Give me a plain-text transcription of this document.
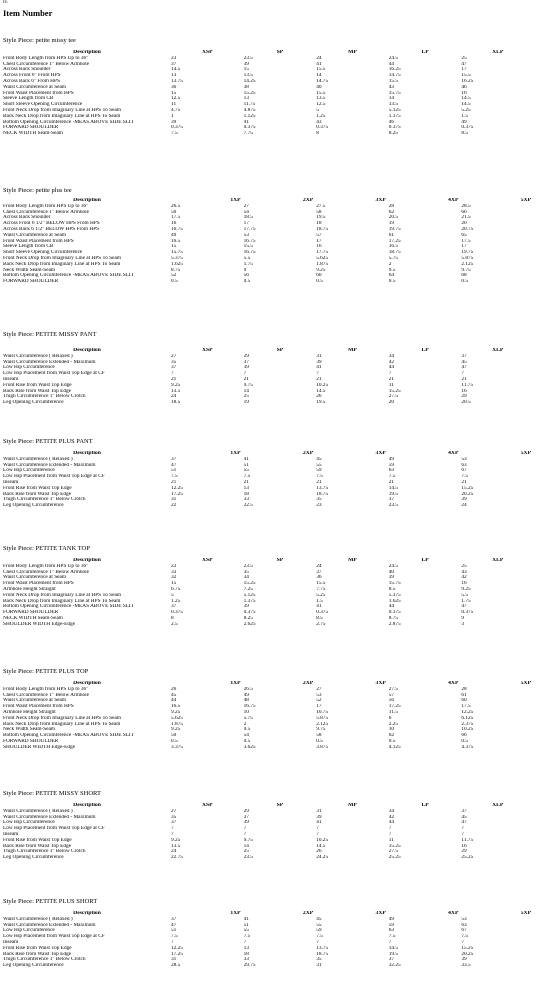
Iv.
Item Number
Style Piece: petite missy tee
Description	XSP	SP	MP	LP	XLP
Front Body Length from HPS Up to 36"	23	23.5	24	24.5	25
Chest Circumference 1" Below Armhole	37	39	41	44	47
Across Back Shoulder	14.5	15	15.5	16.25	17
Across Front 6" From HPS	13	13.5	14	14.75	15.5
Across Back 6" From HPS	13.75	14.25	14.75	15.5	16.25
Waist Circumference at Seam	36	38	40	43	46
Front Waist Placement from HPS	15	15.25	15.5	15.75	16
Sleeve Length from CB	12.5	13	13.5	14	14.5
Short Sleeve Opening Circumference	11	11.75	12.5	13.5	14.5
Front Neck Drop from Imaginary Line at HPS To Seam	4.75	4.875	5	5.125	5.25
Back Neck Drop from Imaginary Line at HPS To Seam	1	1.125	1.25	1.375	1.5
Bottom Opening Circumference -MEAS ABOVE SIDE SLIT	39	41	43	46	49
FORWARD SHOULDER	0.375	0.375	0.375	0.375	0.375
NECK WIDTH Seam-Seam	7.5	7.75	8	8.25	8.5
Style Piece: petite plus tee
Description	1XP	2XP	3XP	4XP	5XP
Front Body Length from HPS Up to 36"	26.5	27	27.5	28	28.5
Chest Circumference 1" Below Armhole	50	54	58	62	66
Across Back Shoulder	17.5	18.5	19.5	20.5	21.5
Across Front 6 1/2" BELOW HPS From HPS	16	17	18	19	20
Across Back 6 1/2" BELOW HPS From HPS	16.75	17.75	18.75	19.75	20.75
Waist Circumference at Seam	49	53	57	61	65
Front Waist Placement from HPS	16.5	16.75	17	17.25	17.5
Sleeve Length from CB	15	15.5	16	16.5	17
Short Sleeve Opening Circumference	15.75	16.75	17.75	18.75	19.75
Front Neck Drop from Imaginary Line at HPS To Seam	5.375	5.5	5.625	5.75	5.875
Back Neck Drop from Imaginary Line at HPS To Seam	1.625	1.75	1.875	2	2.125
Neck Width Seam-Seam	8.75	9	9.25	9.5	9.75
Bottom Opening Circumference -MEAS ABOVE SIDE SLIT	52	56	60	64	68
FORWARD SHOULDER	0.5	0.5	0.5	0.5	0.5
Style Piece: PETITE MISSY PANT
Description	XSP	SP	MP	LP	XLP
Waist Circumference ( Relaxed )	27	29	31	34	37
Waist Circumference Extended - Maximum	35	37	39	42	45
Low Hip Circumference	37	39	41	44	47
Low Hip Placement from Waist Top Edge at CF	7	7	7	7	7
Inseam	21	21	21	21	21
Front Rise from Waist Top Edge	9.25	9.75	10.25	11	11.75
Back Rise from Waist Top Edge	13.5	14	14.5	15.25	16
Thigh Circumference 1" Below Crotch	24	25	26	27.5	29
Leg Opening Circumference	18.5	19	19.5	20	20.5
Style Piece: PETITE PLUS PANT
Description	1XP	2XP	3XP	4XP	5XP
Waist Circumference ( Relaxed )	37	41	45	49	53
Waist Circumference Extended - Maximum	47	51	55	59	63
Low Hip Circumference	51	55	59	63	67
Low Hip Placement from Waist Top Edge at CF	7.5	7.5	7.5	7.5	7.5
Inseam	21	21	21	21	21
Front Rise from Waist Top Edge	12.25	13	13.75	14.5	15.25
Back Rise from Waist Top Edge	17.25	18	18.75	19.5	20.25
Thigh Circumference 1" Below Crotch	31	33	35	37	39
Leg Opening Circumference	22	22.5	23	23.5	24
Style Piece: PETITE TANK TOP
Description	XSP	SP	MP	LP	XLP
Front Body Length from HPS Up to 36"	23	23.5	24	24.5	25
Chest Circumference 1" Below Armhole	33	35	37	40	43
Waist Circumference at Seam	32	34	36	39	42
Front Waist Placement from HPS	15	15.25	15.5	15.75	16
Armhole Height Straight	6.75	7.25	7.75	8.5	9.25
Front Neck Drop from Imaginary Line at HPS To Seam	5	5.125	5.25	5.375	5.5
Back Neck Drop from Imaginary Line at HPS To Seam	1.25	1.375	1.5	1.625	1.75
Bottom Opening Circumference -MEAS ABOVE SIDE SLIT	37	39	41	44	47
FORWARD SHOULDER	0.375	0.375	0.375	0.375	0.375
NECK WIDTH Seam-Seam	8	8.25	8.5	8.75	9
SHOULDER WIDTH Edge-Edge	2.5	2.625	2.75	2.875	3
Style Piece: PETITE PLUS TOP
Description	1XP	2XP	3XP	4XP	5XP
Front Body Length from HPS Up to 36"	26	26.5	27	27.5	28
Chest Circumference 1" Below Armhole	45	49	53	57	61
Waist Circumference at Seam	44	48	52	56	60
Front Waist Placement from HPS	16.5	16.75	17	17.25	17.5
Armhole Height Straight	9.25	10	10.75	11.5	12.25
Front Neck Drop from Imaginary Line at HPS To Seam	5.625	5.75	5.875	6	6.125
Back Neck Drop from Imaginary Line at HPS To Seam	1.875	2	2.125	2.25	2.375
Neck Width Seam-Seam	9.25	9.5	9.75	10	10.25
Bottom Opening Circumference -MEAS ABOVE SIDE SLIT	50	54	58	62	66
FORWARD SHOULDER	0.5	0.5	0.5	0.5	0.5
SHOULDER WIDTH Edge-Edge	3.375	3.625	3.875	4.125	4.375
Style Piece: PETITE MISSY SHORT
Description	XSP	SP	MP	LP	XLP
Waist Circumference ( Relaxed )	27	29	31	34	37
Waist Circumference Extended - Maximum	35	37	39	42	45
Low Hip Circumference	37	39	41	44	47
Low Hip Placement from Waist Top Edge at CF	7	7	7	7	7
Inseam	7	7	7	7	7
Front Rise from Waist Top Edge	9.25	9.75	10.25	11	11.75
Back Rise from Waist Top Edge	13.5	14	14.5	15.25	16
Thigh Circumference 1" Below Crotch	24	25	26	27.5	29
Leg Opening Circumference	22.75	23.5	24.25	25.25	25.25
Style Piece: PETITE PLUS SHORT
Description	1XP	2XP	3XP	4XP	5XP
Waist Circumference ( Relaxed )	37	41	45	49	53
Waist Circumference Extended - Maximum	47	51	55	59	63
Low Hip Circumference	51	55	59	63	67
Low Hip Placement from Waist Top Edge at CF	7.5	7.5	7.5	7.5	7.5
Inseam	7	7	7	7	7
Front Rise from Waist Top Edge	12.25	13	13.75	14.5	15.25
Back Rise from Waist Top Edge	17.25	18	18.75	19.5	20.25
Thigh Circumference 1" Below Crotch	31	33	35	37	39
Leg Opening Circumference	28.5	29.75	31	32.25	33.5
